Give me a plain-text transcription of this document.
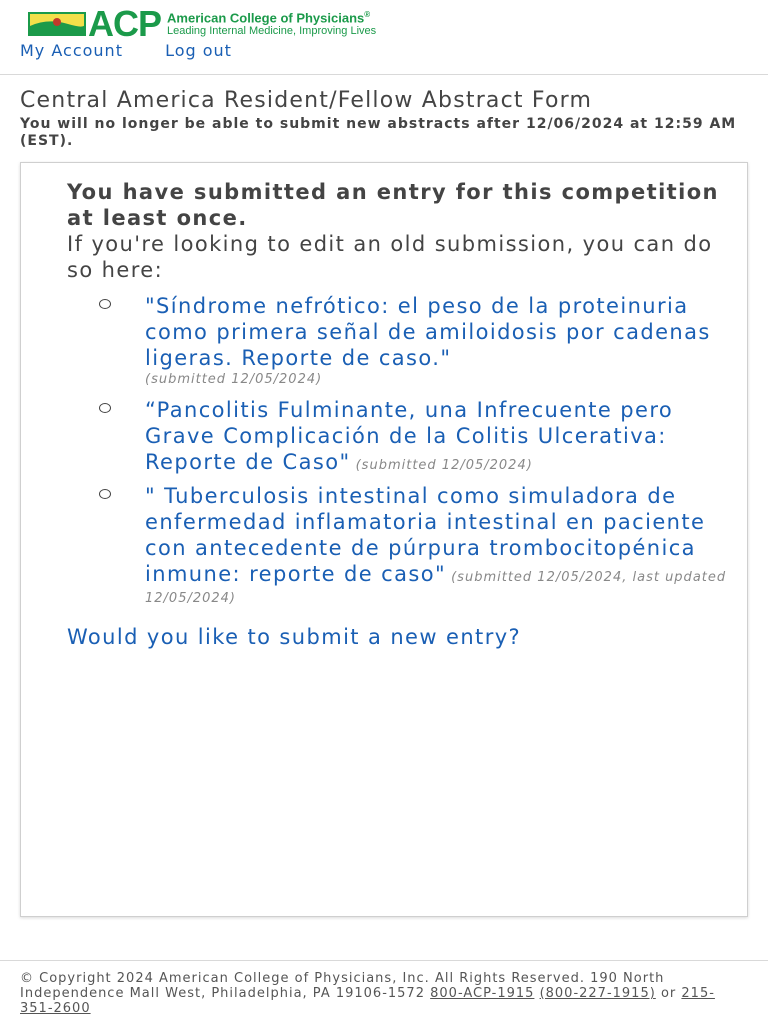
ACP American College of Physicians®
Leading Internal Medicine, Improving Lives
My Account	Log out
Central America Resident/Fellow Abstract Form
You will no longer be able to submit new abstracts after 12/06/2024 at 12:59 AM (EST).
You have submitted an entry for this competition at least once.
If you're looking to edit an old submission, you can do so here:
"Síndrome nefrótico: el peso de la proteinuria como primera señal de amiloidosis por cadenas ligeras. Reporte de caso."
(submitted 12/05/2024)
“Pancolitis Fulminante, una Infrecuente pero Grave Complicación de la Colitis Ulcerativa: Reporte de Caso" (submitted 12/05/2024)
" Tuberculosis intestinal como simuladora de enfermedad inflamatoria intestinal en paciente con antecedente de púrpura trombocitopénica inmune: reporte de caso" (submitted 12/05/2024, last updated 12/05/2024)
Would you like to submit a new entry?
© Copyright 2024 American College of Physicians, Inc. All Rights Reserved. 190 North Independence Mall West, Philadelphia, PA 19106-1572 800-ACP-1915 (800-227-1915) or 215-351-2600
